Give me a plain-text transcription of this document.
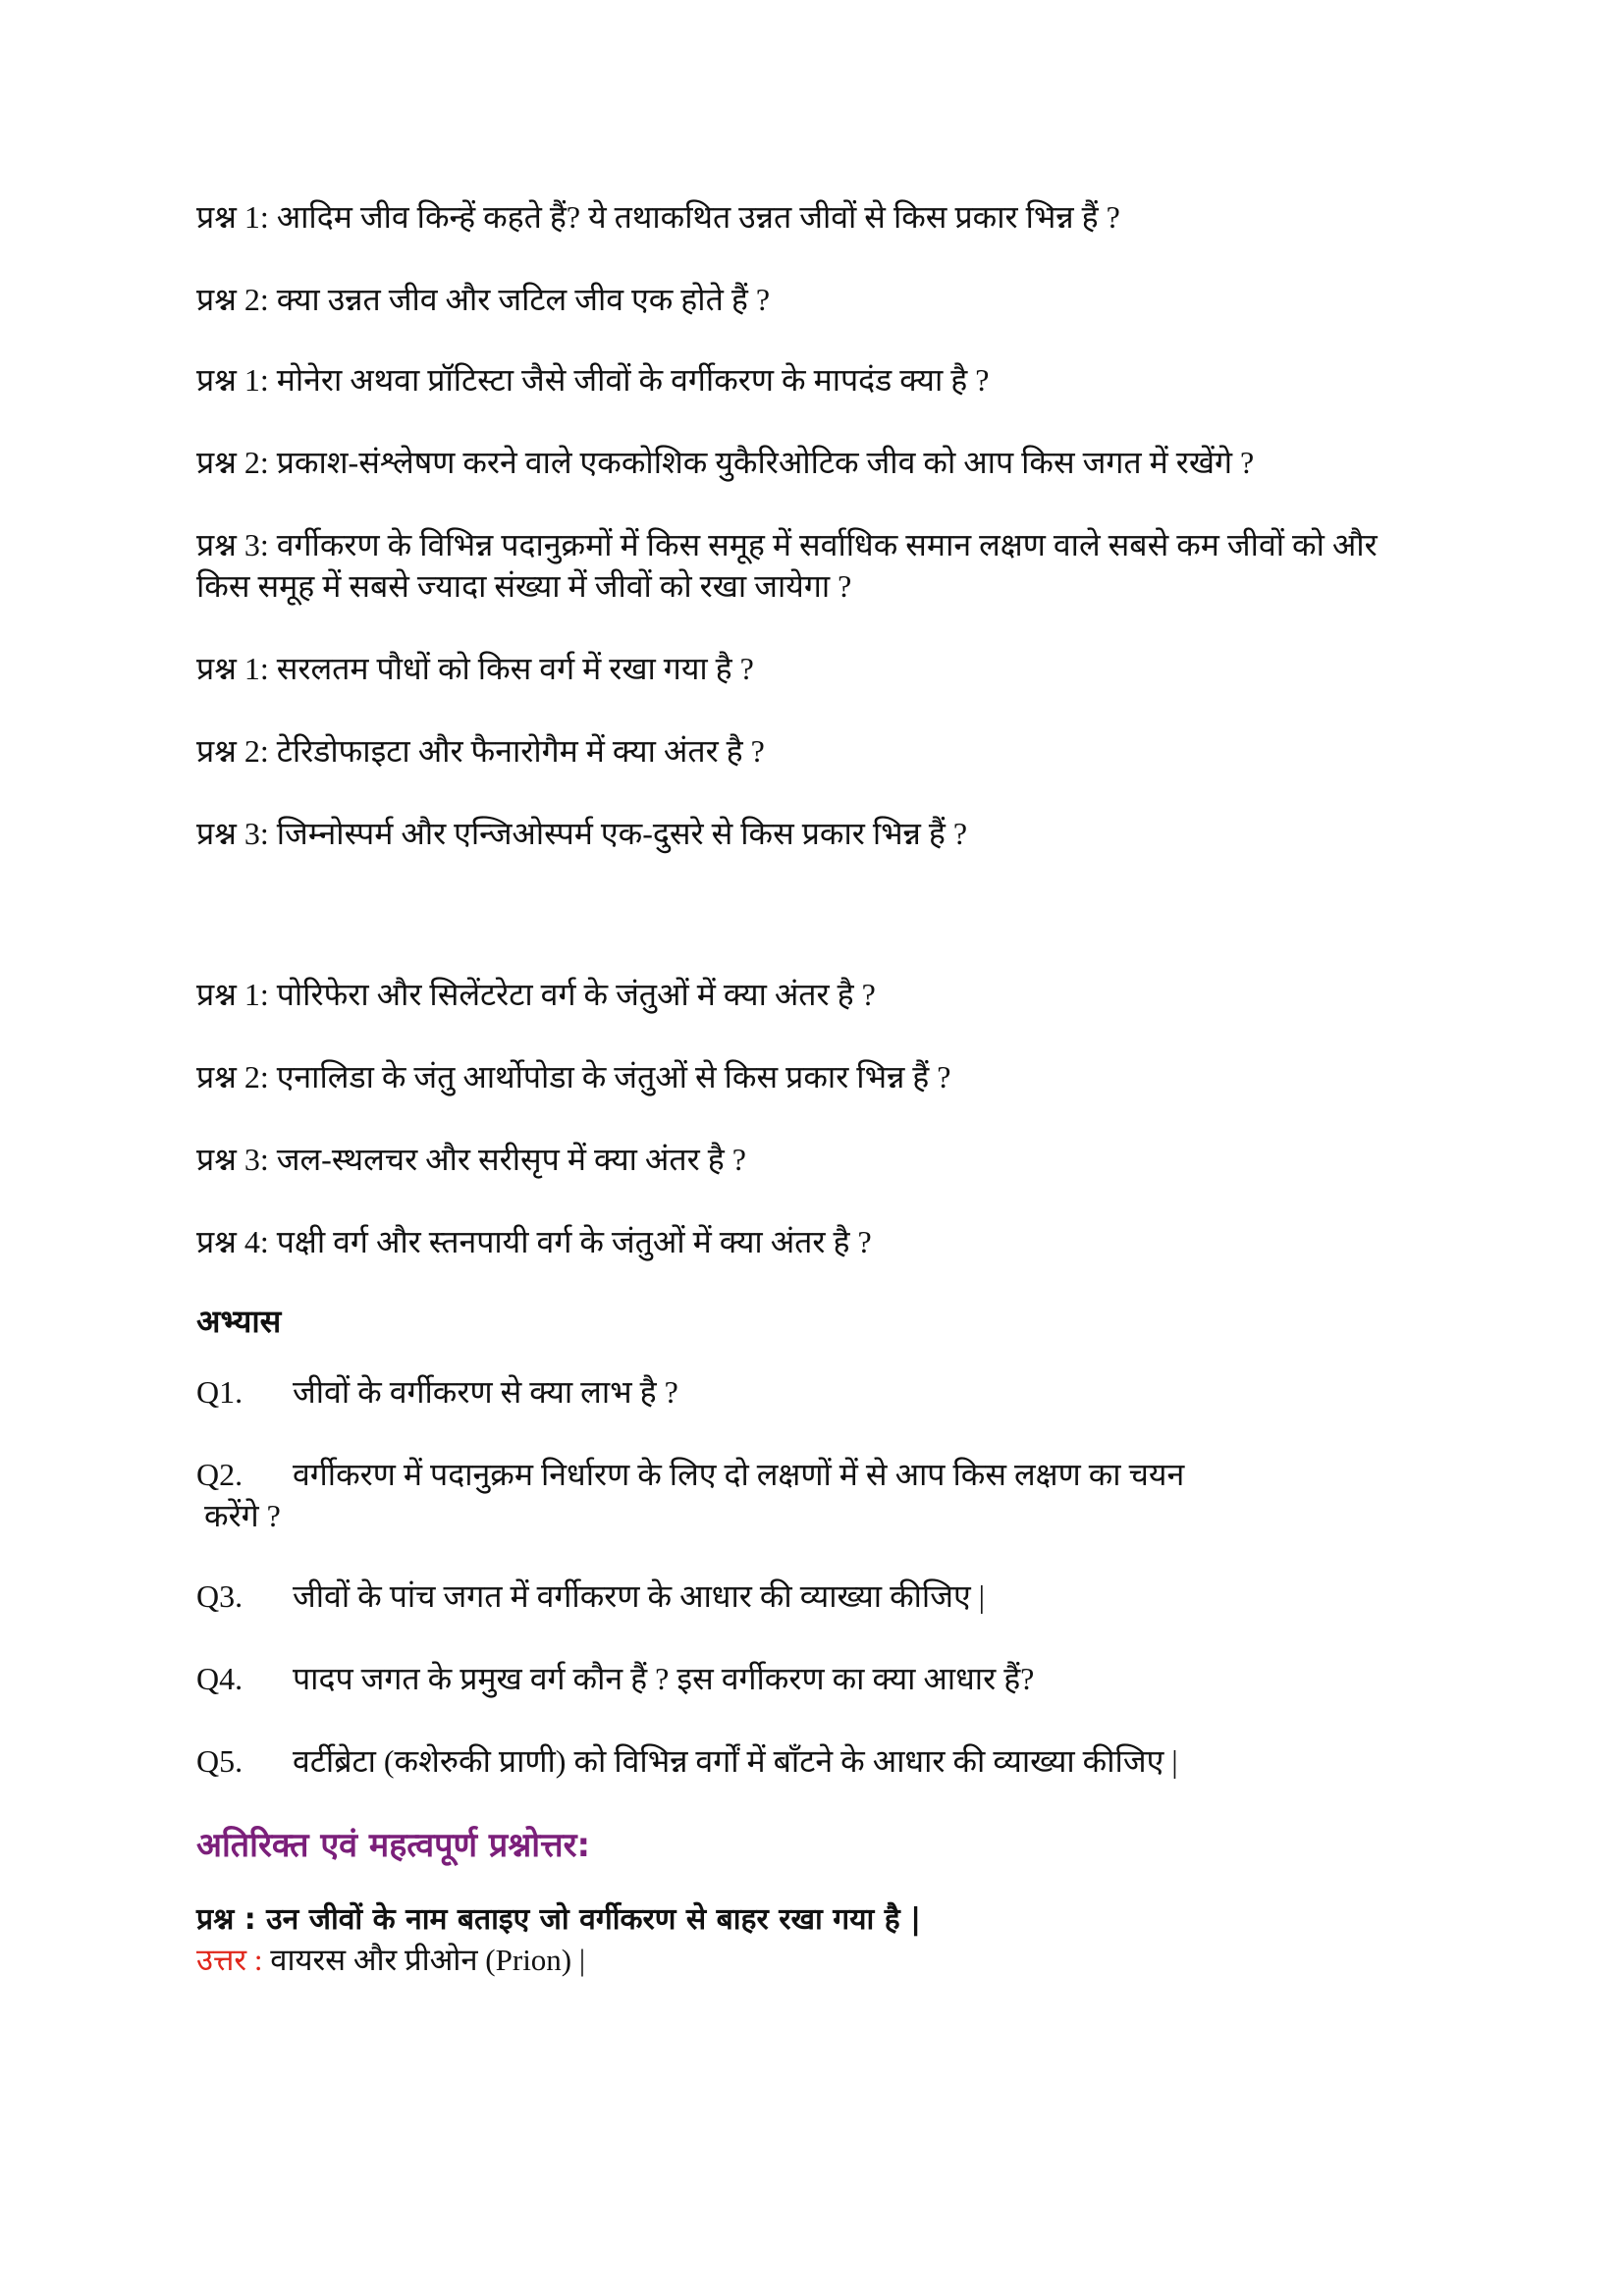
प्रश्न 1: आदिम जीव किन्हें कहते हैं? ये तथाकथित उन्नत जीवों से किस प्रकार भिन्न हैं ?

प्रश्न 2: क्या उन्नत जीव और जटिल जीव एक होते हैं ?

प्रश्न 1: मोनेरा अथवा प्रॉटिस्टा जैसे जीवों के वर्गीकरण के मापदंड क्या है ?

प्रश्न 2: प्रकाश-संश्लेषण करने वाले एककोशिक युकैरिओटिक जीव को आप किस जगत में रखेंगे ?

प्रश्न 3: वर्गीकरण के विभिन्न पदानुक्रमों में किस समूह में सर्वाधिक समान लक्षण वाले सबसे कम जीवों को और किस समूह में सबसे ज्यादा संख्या में जीवों को रखा जायेगा ?

प्रश्न 1: सरलतम पौधों को किस वर्ग में रखा गया है ?

प्रश्न 2: टेरिडोफाइटा और फैनारोगैम में क्या अंतर है ?

प्रश्न 3: जिम्नोस्पर्म और एन्जिओस्पर्म एक-दुसरे से किस प्रकार भिन्न हैं ?

प्रश्न 1: पोरिफेरा और सिलेंटरेटा वर्ग के जंतुओं में क्या अंतर है ?

प्रश्न 2: एनालिडा के जंतु आर्थोपोडा के जंतुओं से किस प्रकार भिन्न हैं ?

प्रश्न 3: जल-स्थलचर और सरीसृप में क्या अंतर है ?

प्रश्न 4: पक्षी वर्ग और स्तनपायी वर्ग के जंतुओं में क्या अंतर है ?

अभ्यास

Q1. जीवों के वर्गीकरण से क्या लाभ है ?

Q2. वर्गीकरण में पदानुक्रम निर्धारण के लिए दो लक्षणों में से आप किस लक्षण का चयन

करेंगे ?

Q3. जीवों के पांच जगत में वर्गीकरण के आधार की व्याख्या कीजिए |

Q4. पादप जगत के प्रमुख वर्ग कौन हैं ? इस वर्गीकरण का क्या आधार हैं?

Q5. वर्टीब्रेटा (कशेरुकी प्राणी) को विभिन्न वर्गों में बाँटने के आधार की व्याख्या कीजिए |

अतिरिक्त एवं महत्वपूर्ण प्रश्नोत्तर:

प्रश्न : उन जीवों के नाम बताइए जो वर्गीकरण से बाहर रखा गया है |

उत्तर : वायरस और प्रीओन (Prion) |
